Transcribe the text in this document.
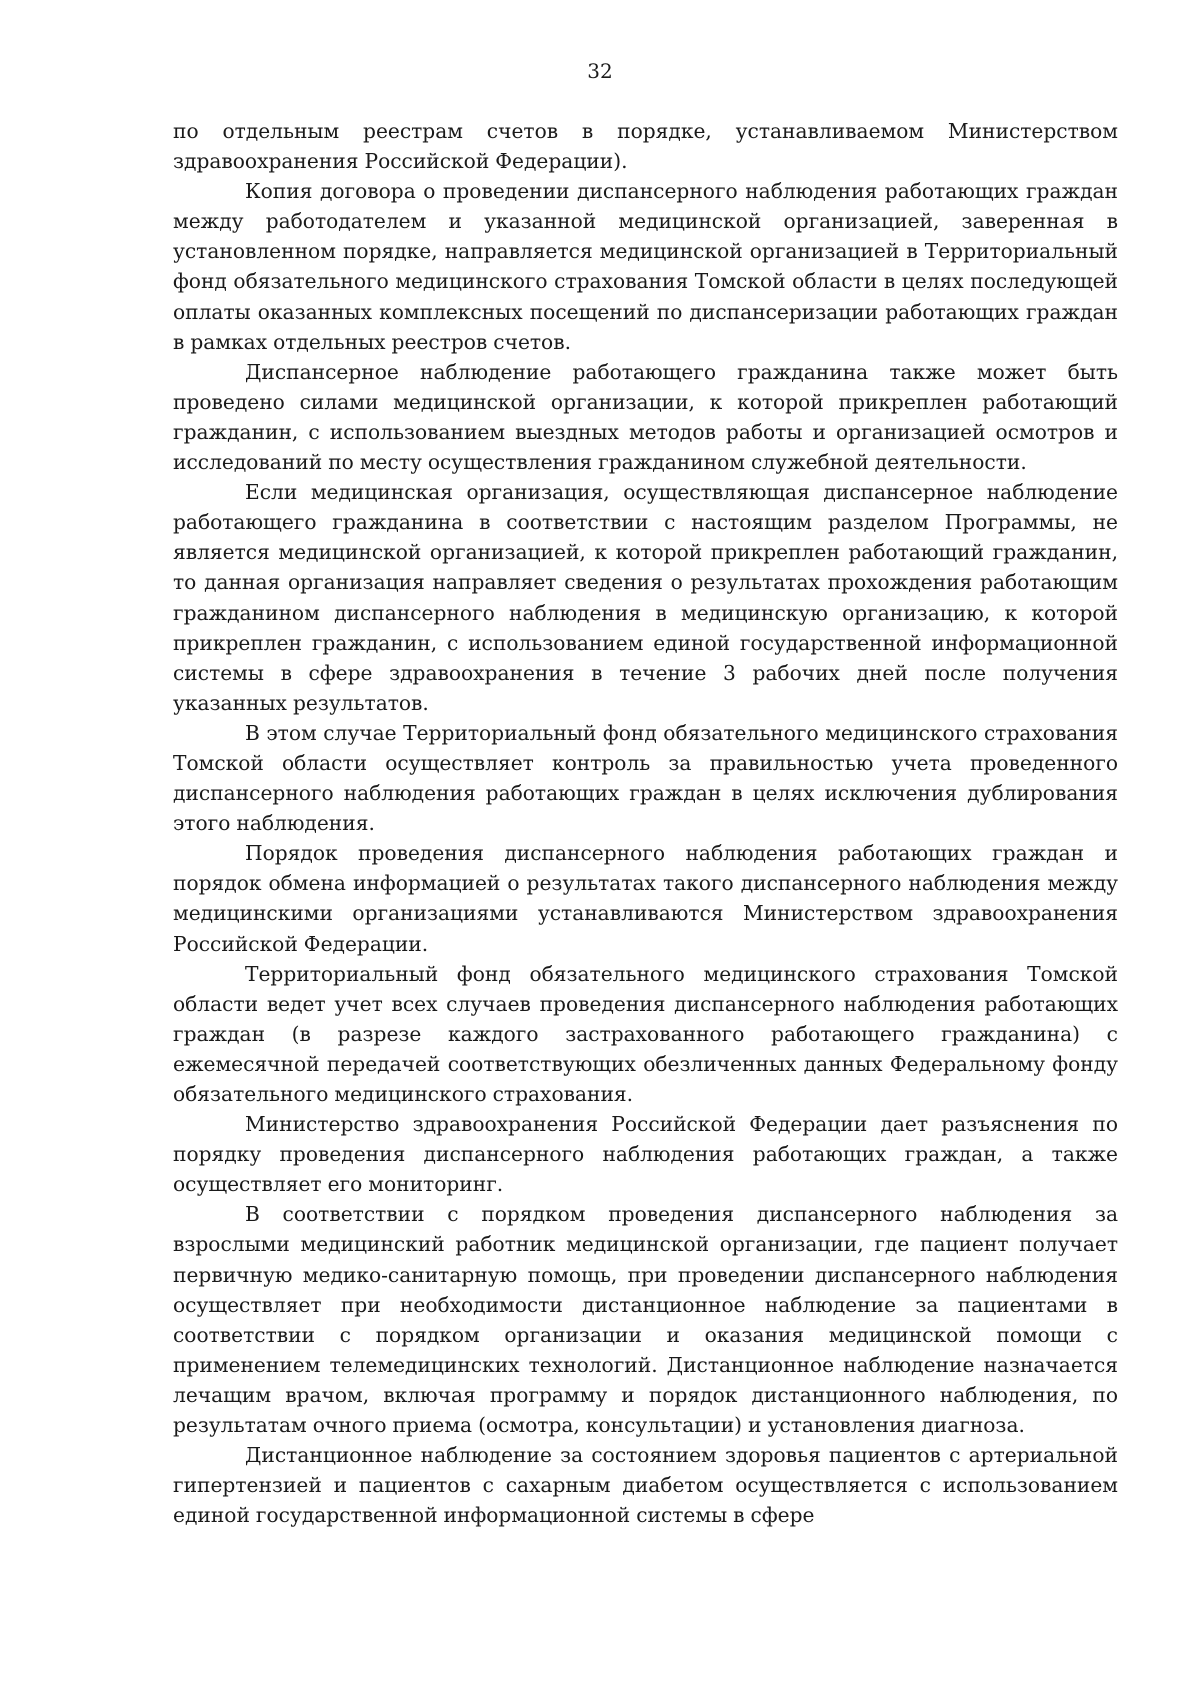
32

по отдельным реестрам счетов в порядке, устанавливаемом Министерством здравоохранения Российской Федерации).

Копия договора о проведении диспансерного наблюдения работающих граждан между работодателем и указанной медицинской организацией, заверенная в установленном порядке, направляется медицинской организацией в Территориальный фонд обязательного медицинского страхования Томской области в целях последующей оплаты оказанных комплексных посещений по диспансеризации работающих граждан в рамках отдельных реестров счетов.

Диспансерное наблюдение работающего гражданина также может быть проведено силами медицинской организации, к которой прикреплен работающий гражданин, с использованием выездных методов работы и организацией осмотров и исследований по месту осуществления гражданином служебной деятельности.

Если медицинская организация, осуществляющая диспансерное наблюдение работающего гражданина в соответствии с настоящим разделом Программы, не является медицинской организацией, к которой прикреплен работающий гражданин, то данная организация направляет сведения о результатах прохождения работающим гражданином диспансерного наблюдения в медицинскую организацию, к которой прикреплен гражданин, с использованием единой государственной информационной системы в сфере здравоохранения в течение 3 рабочих дней после получения указанных результатов.

В этом случае Территориальный фонд обязательного медицинского страхования Томской области осуществляет контроль за правильностью учета проведенного диспансерного наблюдения работающих граждан в целях исключения дублирования этого наблюдения.

Порядок проведения диспансерного наблюдения работающих граждан и порядок обмена информацией о результатах такого диспансерного наблюдения между медицинскими организациями устанавливаются Министерством здравоохранения Российской Федерации.

Территориальный фонд обязательного медицинского страхования Томской области ведет учет всех случаев проведения диспансерного наблюдения работающих граждан (в разрезе каждого застрахованного работающего гражданина) с ежемесячной передачей соответствующих обезличенных данных Федеральному фонду обязательного медицинского страхования.

Министерство здравоохранения Российской Федерации дает разъяснения по порядку проведения диспансерного наблюдения работающих граждан, а также осуществляет его мониторинг.

В соответствии с порядком проведения диспансерного наблюдения за взрослыми медицинский работник медицинской организации, где пациент получает первичную медико-санитарную помощь, при проведении диспансерного наблюдения осуществляет при необходимости дистанционное наблюдение за пациентами в соответствии с порядком организации и оказания медицинской помощи с применением телемедицинских технологий. Дистанционное наблюдение назначается лечащим врачом, включая программу и порядок дистанционного наблюдения, по результатам очного приема (осмотра, консультации) и установления диагноза.

Дистанционное наблюдение за состоянием здоровья пациентов с артериальной гипертензией и пациентов с сахарным диабетом осуществляется с использованием единой государственной информационной системы в сфере
